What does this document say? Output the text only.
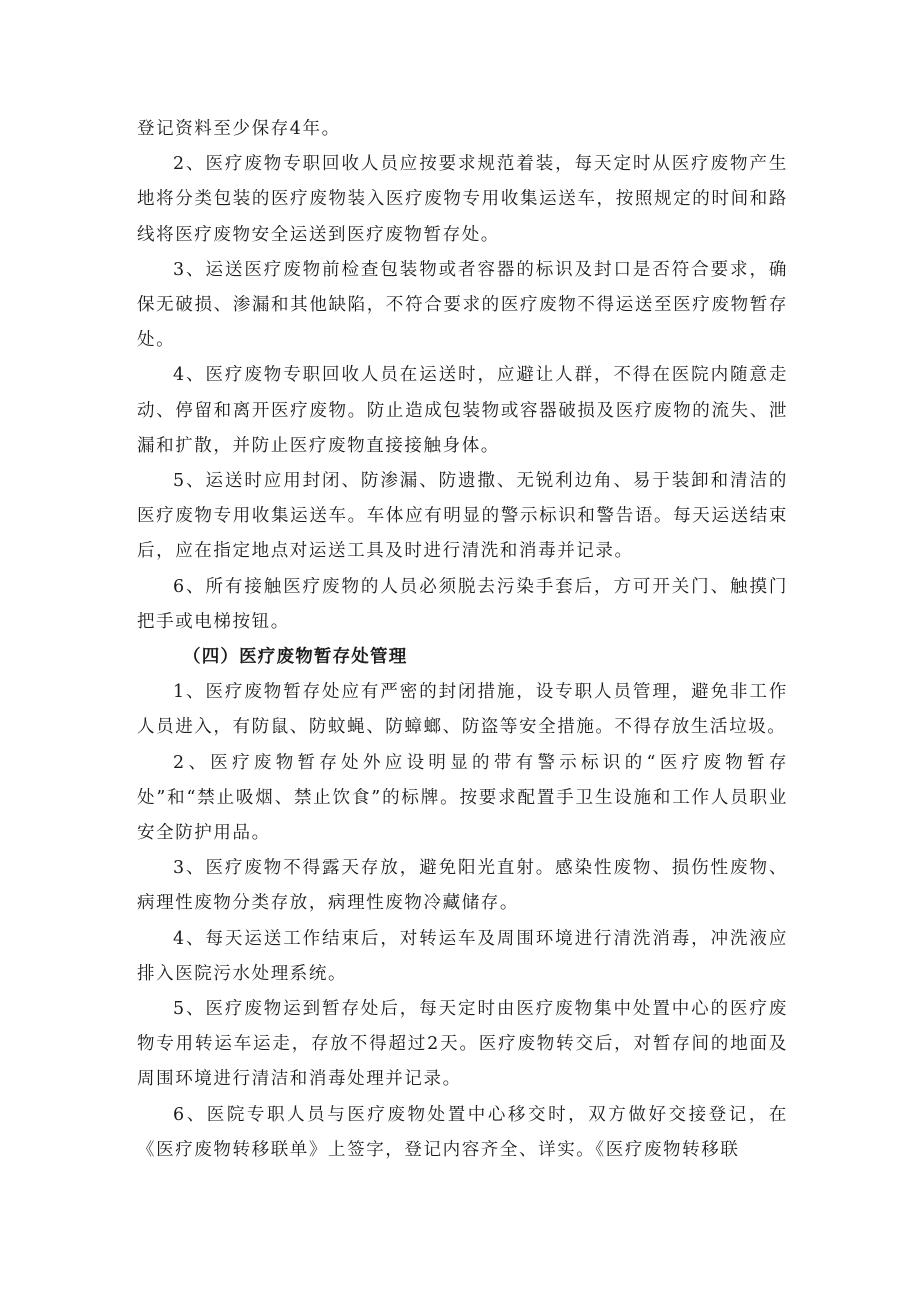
登记资料至少保存4年。

2、医疗废物专职回收人员应按要求规范着装，每天定时从医疗废物产生地将分类包装的医疗废物装入医疗废物专用收集运送车，按照规定的时间和路线将医疗废物安全运送到医疗废物暂存处。

3、运送医疗废物前检查包装物或者容器的标识及封口是否符合要求，确保无破损、渗漏和其他缺陷，不符合要求的医疗废物不得运送至医疗废物暂存处。

4、医疗废物专职回收人员在运送时，应避让人群，不得在医院内随意走动、停留和离开医疗废物。防止造成包装物或容器破损及医疗废物的流失、泄漏和扩散，并防止医疗废物直接接触身体。

5、运送时应用封闭、防渗漏、防遗撒、无锐利边角、易于装卸和清洁的医疗废物专用收集运送车。车体应有明显的警示标识和警告语。每天运送结束后，应在指定地点对运送工具及时进行清洗和消毒并记录。

6、所有接触医疗废物的人员必须脱去污染手套后，方可开关门、触摸门把手或电梯按钮。

（四）医疗废物暂存处管理

1、医疗废物暂存处应有严密的封闭措施，设专职人员管理，避免非工作人员进入，有防鼠、防蚊蝇、防蟑螂、防盗等安全措施。不得存放生活垃圾。

2、医疗废物暂存处外应设明显的带有警示标识的“医疗废物暂存处”和“禁止吸烟、禁止饮食”的标牌。按要求配置手卫生设施和工作人员职业安全防护用品。

3、医疗废物不得露天存放，避免阳光直射。感染性废物、损伤性废物、病理性废物分类存放，病理性废物冷藏储存。

4、每天运送工作结束后，对转运车及周围环境进行清洗消毒，冲洗液应排入医院污水处理系统。

5、医疗废物运到暂存处后，每天定时由医疗废物集中处置中心的医疗废物专用转运车运走，存放不得超过2天。医疗废物转交后，对暂存间的地面及周围环境进行清洁和消毒处理并记录。

6、医院专职人员与医疗废物处置中心移交时，双方做好交接登记，在《医疗废物转移联单》上签字，登记内容齐全、详实。《医疗废物转移联
